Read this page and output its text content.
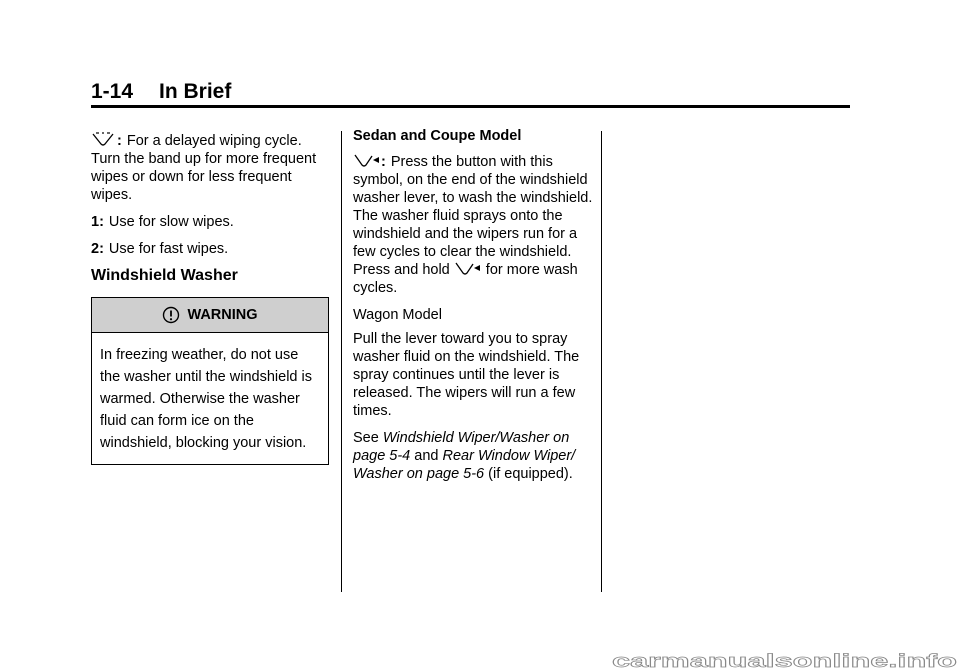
1-14 In Brief

: For a delayed wiping cycle. Turn the band up for more frequent wipes or down for less frequent wipes.

1: Use for slow wipes.

2: Use for fast wipes.

Windshield Washer
WARNING
In freezing weather, do not use the washer until the windshield is warmed. Otherwise the washer fluid can form ice on the windshield, blocking your vision.
Sedan and Coupe Model

: Press the button with this symbol, on the end of the windshield washer lever, to wash the windshield. The washer fluid sprays onto the windshield and the wipers run for a few cycles to clear the windshield. Press and hold for more wash cycles.

Wagon Model

Pull the lever toward you to spray washer fluid on the windshield. The spray continues until the lever is released. The wipers will run a few times.

See Windshield Wiper/Washer on page 5-4 and Rear Window Wiper/ Washer on page 5-6 (if equipped).

carmanualsonline.info
